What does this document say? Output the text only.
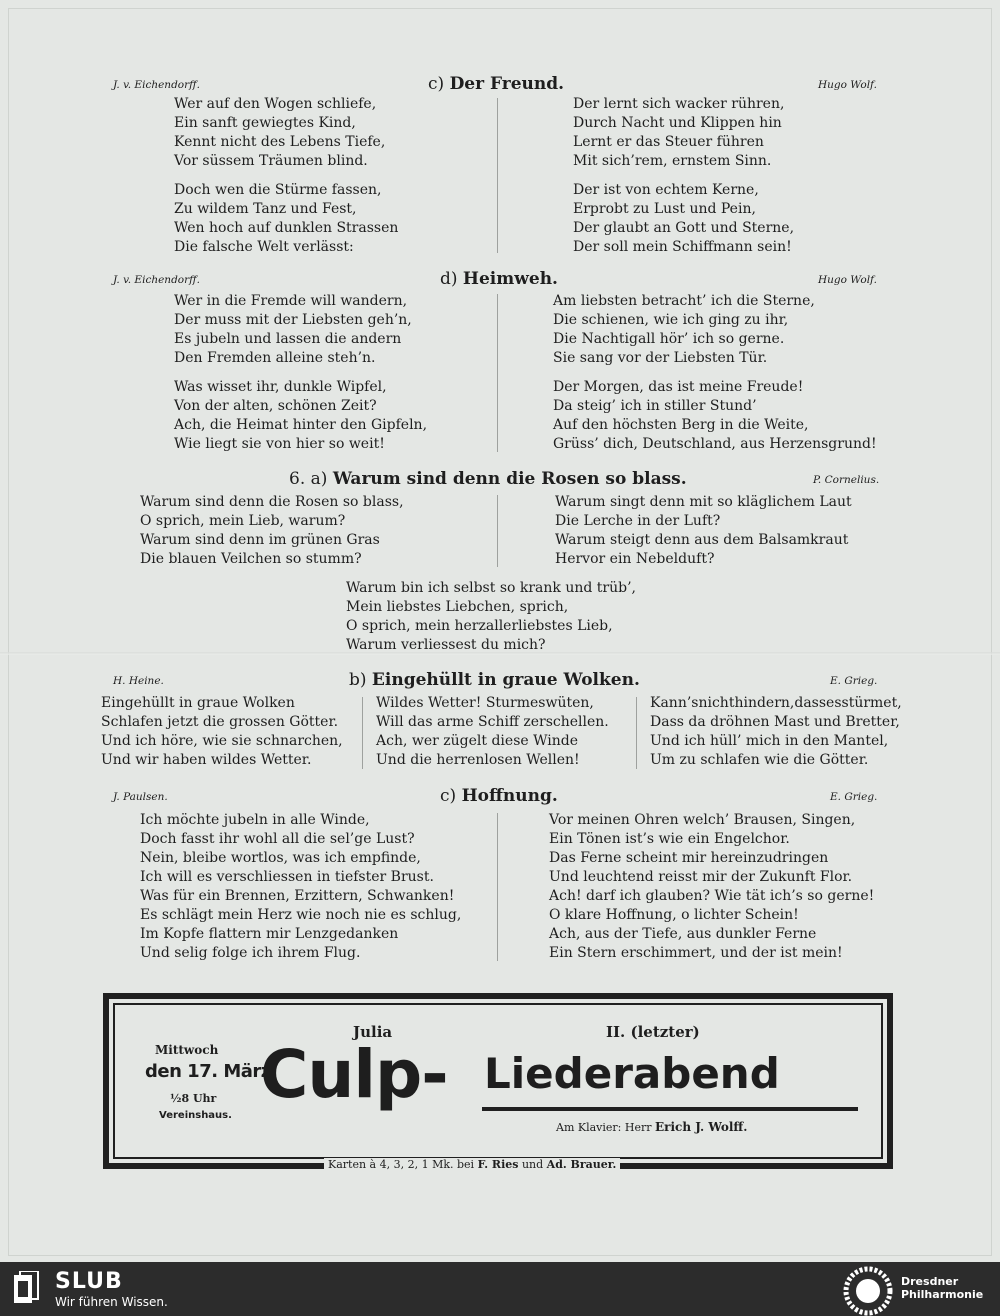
J. v. Eichendorff.	c) Der Freund.	Hugo Wolf.
Wer auf den Wogen schliefe,
Ein sanft gewiegtes Kind,
Kennt nicht des Lebens Tiefe,
Vor süssem Träumen blind.
Doch wen die Stürme fassen,
Zu wildem Tanz und Fest,
Wen hoch auf dunklen Strassen
Die falsche Welt verlässt:
Der lernt sich wacker rühren,
Durch Nacht und Klippen hin
Lernt er das Steuer führen
Mit sich’rem, ernstem Sinn.
Der ist von echtem Kerne,
Erprobt zu Lust und Pein,
Der glaubt an Gott und Sterne,
Der soll mein Schiffmann sein!
J. v. Eichendorff.	d) Heimweh.	Hugo Wolf.
Wer in die Fremde will wandern,
Der muss mit der Liebsten geh’n,
Es jubeln und lassen die andern
Den Fremden alleine steh’n.
Was wisset ihr, dunkle Wipfel,
Von der alten, schönen Zeit?
Ach, die Heimat hinter den Gipfeln,
Wie liegt sie von hier so weit!
Am liebsten betracht’ ich die Sterne,
Die schienen, wie ich ging zu ihr,
Die Nachtigall hör’ ich so gerne.
Sie sang vor der Liebsten Tür.
Der Morgen, das ist meine Freude!
Da steig’ ich in stiller Stund’
Auf den höchsten Berg in die Weite,
Grüss’ dich, Deutschland, aus Herzensgrund!
6. a) Warum sind denn die Rosen so blass.	P. Cornelius.
Warum sind denn die Rosen so blass,
O sprich, mein Lieb, warum?
Warum sind denn im grünen Gras
Die blauen Veilchen so stumm?
Warum singt denn mit so kläglichem Laut
Die Lerche in der Luft?
Warum steigt denn aus dem Balsamkraut
Hervor ein Nebelduft?
Warum bin ich selbst so krank und trüb’,
Mein liebstes Liebchen, sprich,
O sprich, mein herzallerliebstes Lieb,
Warum verliessest du mich?
H. Heine.	b) Eingehüllt in graue Wolken.	E. Grieg.
Eingehüllt in graue Wolken
Schlafen jetzt die grossen Götter.
Und ich höre, wie sie schnarchen,
Und wir haben wildes Wetter.
Wildes Wetter! Sturmeswüten,
Will das arme Schiff zerschellen.
Ach, wer zügelt diese Winde
Und die herrenlosen Wellen!
Kann’snichthindern,dassesstürmet,
Dass da dröhnen Mast und Bretter,
Und ich hüll’ mich in den Mantel,
Um zu schlafen wie die Götter.
J. Paulsen.	c) Hoffnung.	E. Grieg.
Ich möchte jubeln in alle Winde,
Doch fasst ihr wohl all die sel’ge Lust?
Nein, bleibe wortlos, was ich empfinde,
Ich will es verschliessen in tiefster Brust.
Was für ein Brennen, Erzittern, Schwanken!
Es schlägt mein Herz wie noch nie es schlug,
Im Kopfe flattern mir Lenzgedanken
Und selig folge ich ihrem Flug.
Vor meinen Ohren welch’ Brausen, Singen,
Ein Tönen ist’s wie ein Engelchor.
Das Ferne scheint mir hereinzudringen
Und leuchtend reisst mir der Zukunft Flor.
Ach! darf ich glauben? Wie tät ich’s so gerne!
O klare Hoffnung, o lichter Schein!
Ach, aus der Tiefe, aus dunkler Ferne
Ein Stern erschimmert, und der ist mein!
Mittwoch
den 17. März
½8 Uhr
Vereinshaus.
Julia	II. (letzter)
Culp- Liederabend
Am Klavier: Herr Erich J. Wolff.
Karten à 4, 3, 2, 1 Mk. bei F. Ries und Ad. Brauer.
SLUB
Wir führen Wissen.
Dresdner
Philharmonie
